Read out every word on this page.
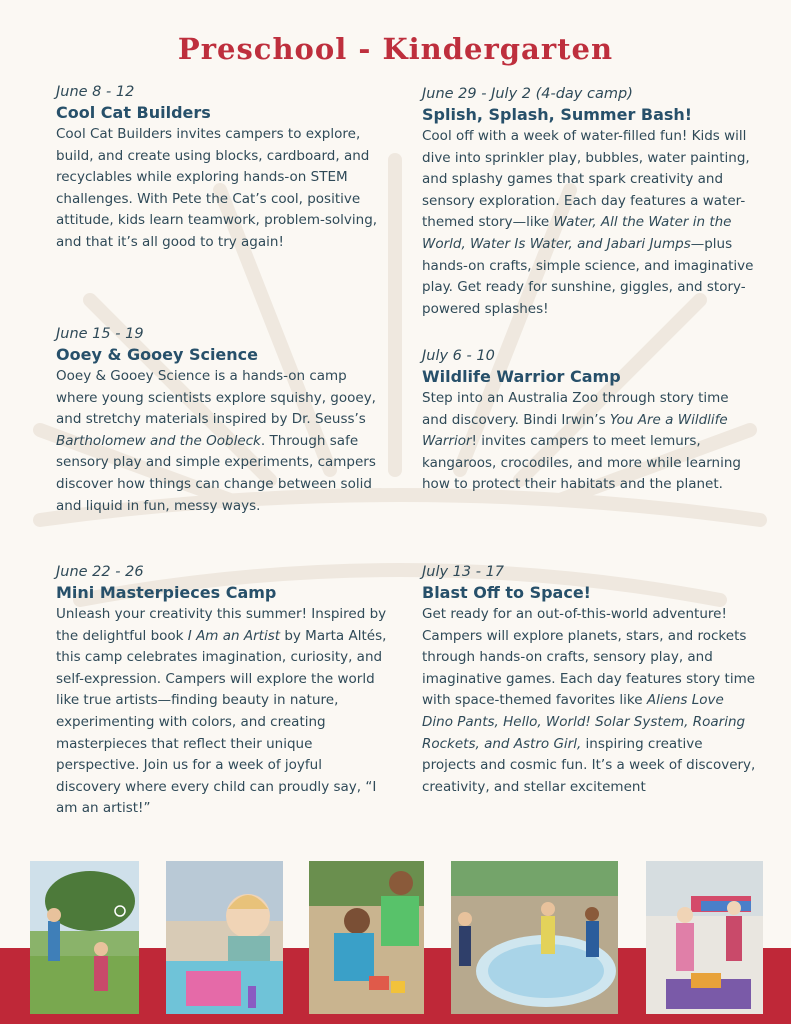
Preschool - Kindergarten
June 8 - 12
Cool Cat Builders
Cool Cat Builders invites campers to explore, build, and create using blocks, cardboard, and recyclables while exploring hands-on STEM challenges. With Pete the Cat’s cool, positive attitude, kids learn teamwork, problem-solving, and that it’s all good to try again!
June 15 - 19
Ooey & Gooey Science
Ooey & Gooey Science is a hands-on camp where young scientists explore squishy, gooey, and stretchy materials inspired by Dr. Seuss’s Bartholomew and the Oobleck. Through safe sensory play and simple experiments, campers discover how things can change between solid and liquid in fun, messy ways.
June 22 - 26
Mini Masterpieces Camp
Unleash your creativity this summer! Inspired by the delightful book I Am an Artist by Marta Altés, this camp celebrates imagination, curiosity, and self-expression. Campers will explore the world like true artists—finding beauty in nature, experimenting with colors, and creating masterpieces that reflect their unique perspective. Join us for a week of joyful discovery where every child can proudly say, “I am an artist!”
June 29 - July 2 (4-day camp)
Splish, Splash, Summer Bash!
Cool off with a week of water-filled fun! Kids will dive into sprinkler play, bubbles, water painting, and splashy games that spark creativity and sensory exploration. Each day features a water-themed story—like Water, All the Water in the World, Water Is Water, and Jabari Jumps—plus hands-on crafts, simple science, and imaginative play. Get ready for sunshine, giggles, and story-powered splashes!
July 6 - 10
Wildlife Warrior Camp
Step into an Australia Zoo through story time and discovery. Bindi Irwin’s You Are a Wildlife Warrior! invites campers to meet lemurs, kangaroos, crocodiles, and more while learning how to protect their habitats and the planet.
July 13 - 17
Blast Off to Space!
Get ready for an out-of-this-world adventure! Campers will explore planets, stars, and rockets through hands-on crafts, sensory play, and imaginative games. Each day features story time with space-themed favorites like Aliens Love Dino Pants, Hello, World! Solar System, Roaring Rockets, and Astro Girl, inspiring creative projects and cosmic fun. It’s a week of discovery, creativity, and stellar excitement
